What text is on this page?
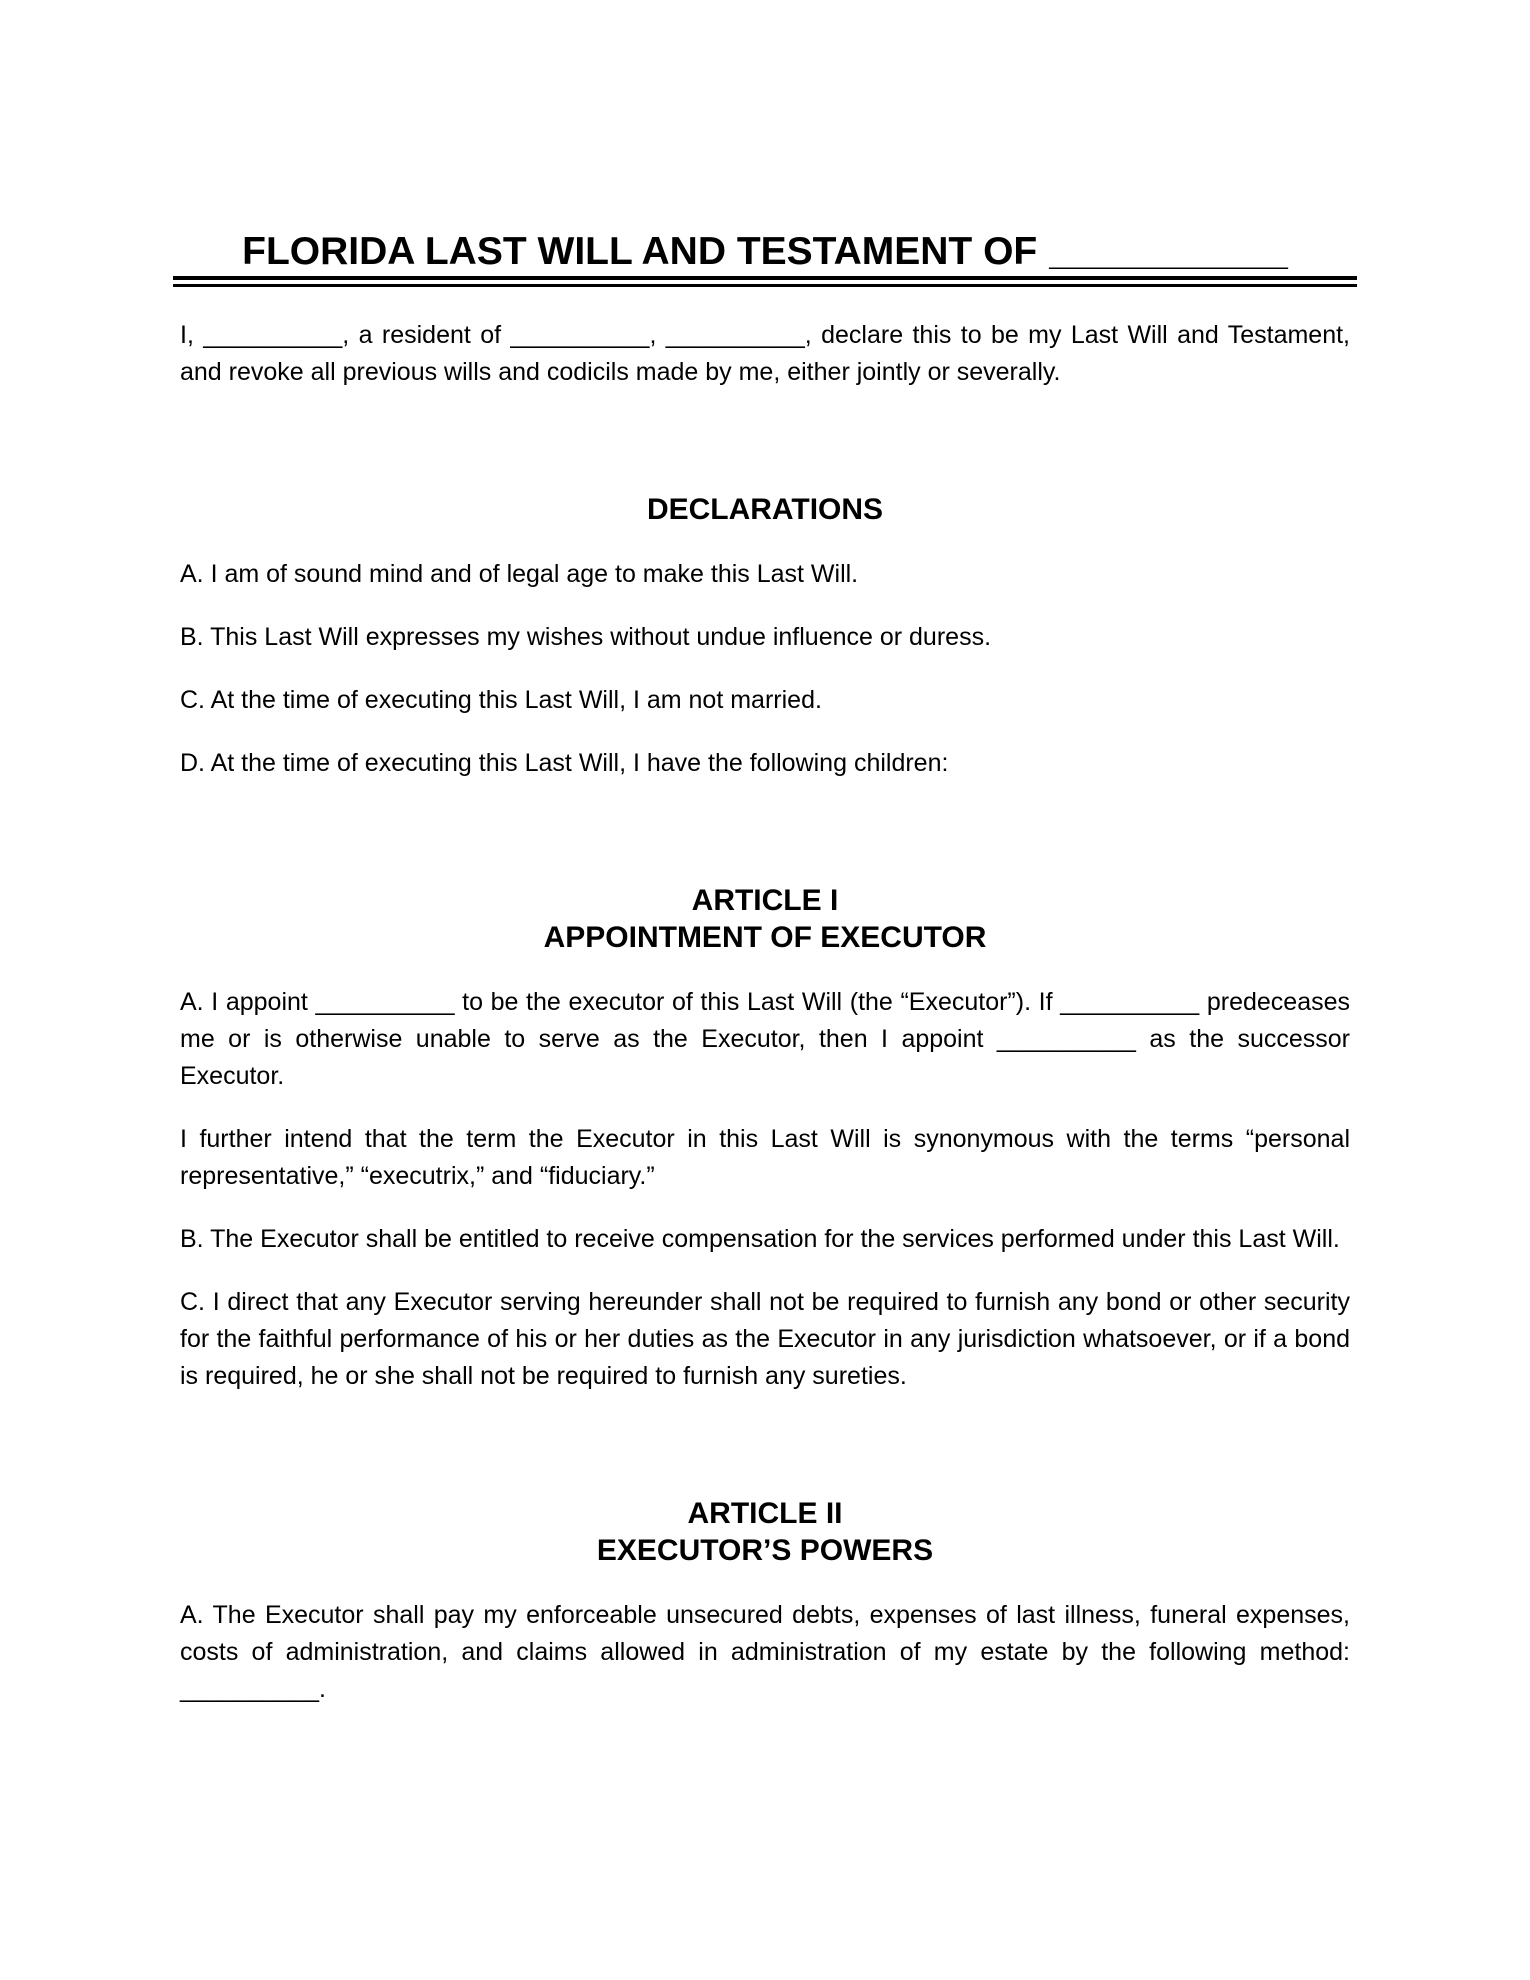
FLORIDA LAST WILL AND TESTAMENT OF ___________

I, __________, a resident of __________, __________, declare this to be my Last Will and Testament, and revoke all previous wills and codicils made by me, either jointly or severally.

DECLARATIONS

A. I am of sound mind and of legal age to make this Last Will.

B. This Last Will expresses my wishes without undue influence or duress.

C. At the time of executing this Last Will, I am not married.

D. At the time of executing this Last Will, I have the following children:

ARTICLE I
APPOINTMENT OF EXECUTOR

A. I appoint __________ to be the executor of this Last Will (the “Executor”). If __________ predeceases me or is otherwise unable to serve as the Executor, then I appoint __________ as the successor Executor.

I further intend that the term the Executor in this Last Will is synonymous with the terms “personal representative,” “executrix,” and “fiduciary.”

B. The Executor shall be entitled to receive compensation for the services performed under this Last Will.

C. I direct that any Executor serving hereunder shall not be required to furnish any bond or other security for the faithful performance of his or her duties as the Executor in any jurisdiction whatsoever, or if a bond is required, he or she shall not be required to furnish any sureties.

ARTICLE II
EXECUTOR’S POWERS

A. The Executor shall pay my enforceable unsecured debts, expenses of last illness, funeral expenses, costs of administration, and claims allowed in administration of my estate by the following method: __________.
